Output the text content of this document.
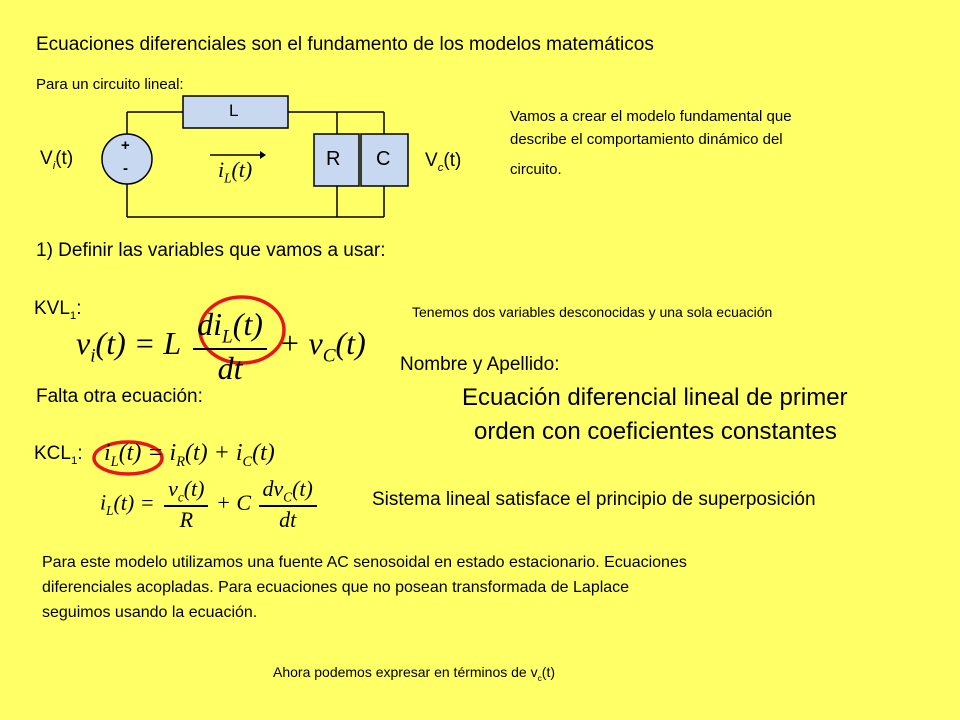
Ecuaciones diferenciales son el fundamento de los modelos matemáticos
Para un circuito lineal:
L
R C
+
-
$V_i(t)$	$V_c(t)$
$i_L(t)$
Vamos a crear el modelo fundamental que
describe el comportamiento dinámico del
circuito.
1) Definir las variables que vamos a usar:
$KVL_1$:
$v_i(t) = L \frac{di_L(t)}{dt} + v_C(t)$
Tenemos dos variables desconocidas y una sola ecuación
Nombre y Apellido:
Falta otra ecuación:	Ecuación diferencial lineal de primer
orden con coeficientes constantes
$KCL_1$: $i_L(t) = i_R(t) + i_C(t)$
$i_L(t) = \frac{v_c(t)}{R} + C \frac{dv_C(t)}{dt}$	Sistema lineal satisface el principio de superposición
Para este modelo utilizamos una fuente AC senosoidal en estado estacionario. Ecuaciones
diferenciales acopladas. Para ecuaciones que no posean transformada de Laplace
seguimos usando la ecuación.
Ahora podemos expresar en términos de $v_c(t)$
